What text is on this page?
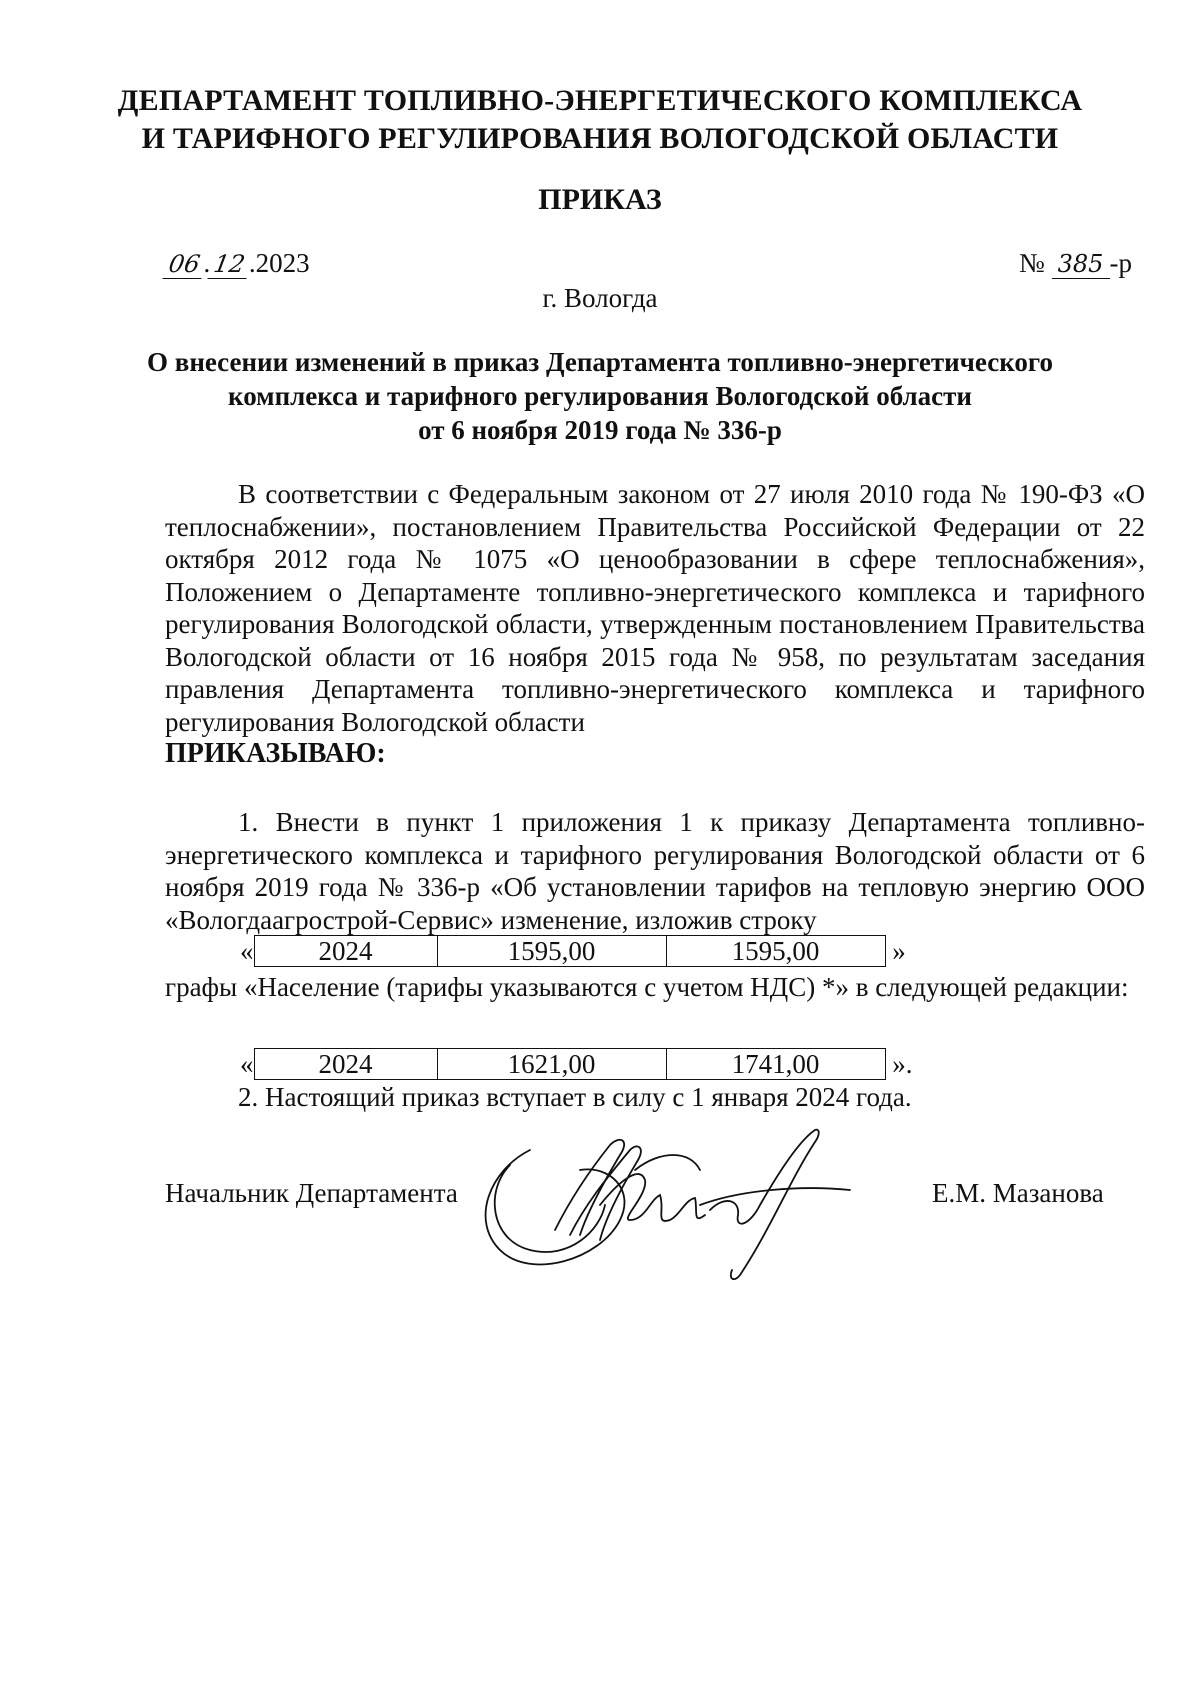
ДЕПАРТАМЕНТ ТОПЛИВНО-ЭНЕРГЕТИЧЕСКОГО КОМПЛЕКСА
И ТАРИФНОГО РЕГУЛИРОВАНИЯ ВОЛОГОДСКОЙ ОБЛАСТИ
ПРИКАЗ
06.12.2023	№ 385 -р
г. Вологда
О внесении изменений в приказ Департамента топливно-энергетического
комплекса и тарифного регулирования Вологодской области
от 6 ноября 2019 года № 336-р

В соответствии с Федеральным законом от 27 июля 2010 года № 190-ФЗ «О теплоснабжении», постановлением Правительства Российской Федерации от 22 октября 2012 года № 1075 «О ценообразовании в сфере теплоснабжения», Положением о Департаменте топливно-энергетического комплекса и тарифного регулирования Вологодской области, утвержденным постановлением Правительства Вологодской области от 16 ноября 2015 года № 958, по результатам заседания правления Департамента топливно-энергетического комплекса и тарифного регулирования Вологодской области

ПРИКАЗЫВАЮ:

1. Внести в пункт 1 приложения 1 к приказу Департамента топливно-энергетического комплекса и тарифного регулирования Вологодской области от 6 ноября 2019 года № 336-р «Об установлении тарифов на тепловую энергию ООО «Вологдаагрострой-Сервис» изменение, изложив строку

« 2024	1595,00	1595,00	»

графы «Население (тарифы указываются с учетом НДС) *» в следующей редакции:

« 2024	1621,00	1741,00	».
2. Настоящий приказ вступает в силу с 1 января 2024 года.
Начальник Департамента	Е.М. Мазанова
